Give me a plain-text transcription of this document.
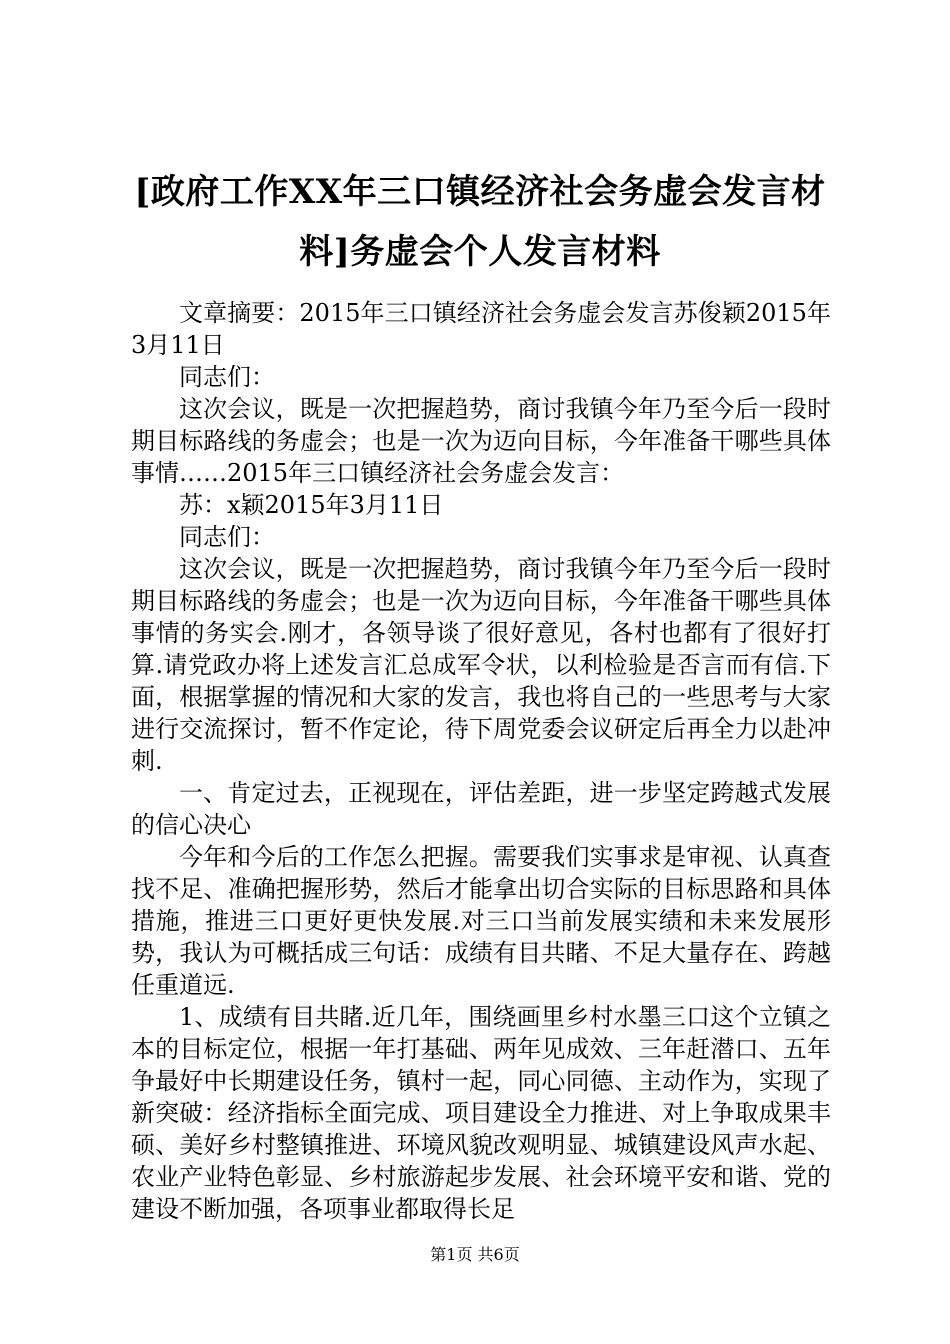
[政府工作XX年三口镇经济社会务虚会发言材料]务虚会个人发言材料

文章摘要：2015年三口镇经济社会务虚会发言苏俊颖2015年3月11日

同志们：

这次会议，既是一次把握趋势，商讨我镇今年乃至今后一段时期目标路线的务虚会；也是一次为迈向目标，今年准备干哪些具体事情……2015年三口镇经济社会务虚会发言：

苏：x颖2015年3月11日

同志们：

这次会议，既是一次把握趋势，商讨我镇今年乃至今后一段时期目标路线的务虚会；也是一次为迈向目标，今年准备干哪些具体事情的务实会.刚才，各领导谈了很好意见，各村也都有了很好打算.请党政办将上述发言汇总成军令状，以利检验是否言而有信.下面，根据掌握的情况和大家的发言，我也将自己的一些思考与大家进行交流探讨，暂不作定论，待下周党委会议研定后再全力以赴冲刺.

一、肯定过去，正视现在，评估差距，进一步坚定跨越式发展的信心决心

今年和今后的工作怎么把握。需要我们实事求是审视、认真查找不足、准确把握形势，然后才能拿出切合实际的目标思路和具体措施，推进三口更好更快发展.对三口当前发展实绩和未来发展形势，我认为可概括成三句话：成绩有目共睹、不足大量存在、跨越任重道远.

1、成绩有目共睹.近几年，围绕画里乡村水墨三口这个立镇之本的目标定位，根据一年打基础、两年见成效、三年赶潜口、五年争最好中长期建设任务，镇村一起，同心同德、主动作为，实现了新突破：经济指标全面完成、项目建设全力推进、对上争取成果丰硕、美好乡村整镇推进、环境风貌改观明显、城镇建设风声水起、农业产业特色彰显、乡村旅游起步发展、社会环境平安和谐、党的建设不断加强，各项事业都取得长足

第1页 共6页
